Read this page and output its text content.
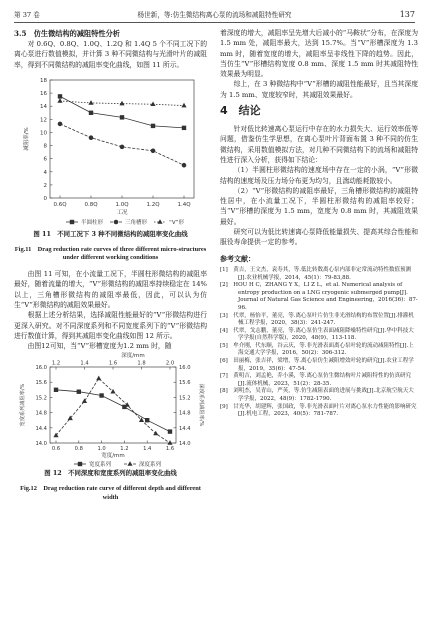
第 37 卷	杨世新，等:仿生微结构离心泵的流场和减阻特性研究	137

3.5　仿生微结构的减阻特性分析

对 0.6Q、0.8Q、1.0Q、1.2Q 和 1.4Q 5 个不同工况下的离心泵进行数值模拟，并计算 3 种不同微结构与光滑叶片的减阻率，得到不同微结构的减阻率变化曲线，如图 11 所示。

0
2
4
6
8
10
12
14
16
18
0.6Q	0.8Q	1.0Q	1.2Q	1.4Q
工况
减阻率/%
半圆柱形	三角槽形	“V”形

图 11　不同工况下 3 种不同微结构的减阻率变化曲线

Fig.11　Drag reduction rate curves of three different micro-structures under different working conditions

由图 11 可知，在小流量工况下，半圆柱形微结构的减阻率最好，随着流量的增大，“V”形微结构的减阻率持续稳定在 14%以上，三角槽形微结构的减阻率最低，因此，可以认为仿生“V”形微结构的减阻效果最好。

根据上述分析结果，选择减阻性能最好的“V”形微结构进行更深入研究。对不同深度系列和不同宽度系列下的“V”形微结构进行数值计算，得到其减阻率变化曲线如图 12 所示。

由图12可知，当“V”形槽宽度为1.2 mm 时，随

14.0
14.4
14.8
15.2
15.6
16.0
14.0
14.4
14.8
15.2
15.6
16.0
0.6	0.8	1.0	1.2	1.4	1.6
1.2	1.4	1.6	1.8	2.0
深度/mm
宽度/mm
宽度系列减阻率/%	深度系列减阻率/%
宽度系列	深度系列

图 12　不同深度和宽度系列的减阻率变化曲线

Fig.12　Drag reduction rate curve of different depth and different width

着深度的增大，减阻率呈先增大后减小的“马鞍状”分布，在深度为 1.5 mm 处，减阻率最大，达到 15.7%。当“V”形槽深度为 1.3 mm 时，随着宽度的增大，减阻率呈非线性下降的趋势。因此，当仿生“V”形槽结构宽度 0.8 mm、深度 1.5 mm 时其减阻特性效果最为明显。

综上，在 3 种微结构中“V”形槽的减阻性能最好，且当其深度为 1.5 mm、宽度较窄时，其减阻效果最好。

4　结论

针对低比转速离心泵运行中存在的水力损失大、运行效率低等问题，借鉴仿生学思想，在离心泵叶片背面布置 3 种不同的仿生微结构，采用数值模拟方法，对几种不同微结构下的流场和减阻特性进行深入分析，获得如下结论：

（1）半圆柱形微结构的速度场中存在一定的小涡，“V”形微结构的速度场及压力场分布更为均匀，且湍动能耗散较小。

（2）“V”形微结构的减阻率最好，三角槽形微结构的减阻特性居中，在小流量工况下，半圆柱形微结构的减阻率较好；当“V”形槽的深度为 1.5 mm，宽度为 0.8 mm 时，其减阻效果最好。

研究可以为低比转速离心泵降低能量损失、提高其综合性能和服役寿命提供一定的参考。

参考文献：

[1]　黄吉，王文杰，袁寿其，等.低比转数离心泵内部非定常流动特性数值预测[J].农业机械学报，2014，45(1)：79-83,88.

[2]　HOU H C，ZHANG Y X，LI Z L，et al. Numerical analysis of entropy production on a LNG cryogenic submerged pump[J]. Journal of Natural Gas Science and Engineering，2016(36)：87-96.

[3]　代翠，杨怡平，董亮，等.离心泵叶片仿生非光滑结构的布置位置[J].排灌机械工程学报，2020，38(3)：241-247.

[4]　代翠，戈志鹏，董亮，等.离心泵仿生表面减阻降噪特性研究[J].华中科技大学学报(自然科学版)，2020，48(9)，113-118.

[5]　牟介刚，代东顺，谷云庆，等.非光滑表面离心泵叶轮的流动减阻特性[J].上海交通大学学报，2016，50(2)：306-312.

[6]　田丽梅，张吉祥，梁增，等.离心泵仿生减阻增效叶轮的研究[J].农业工程学报，2019，35(6)：47-54.

[7]　黄明吉，刘孟艳，乔小溪，等.离心泵仿生微结构叶片减阻特性的仿真研究[J].流体机械，2023，51(2)：28-35.

[8]　刘明杰，吴青山，严英，等.仿生减阻表面的进展与挑战[J].北京航空航天大学学报，2022，48(9)：1782-1790.

[9]　甘光华，胡建辉，张国政，等.非光滑表面叶片对离心泵水力性能的影响研究[J].机电工程，2023，40(5)：781-787.
